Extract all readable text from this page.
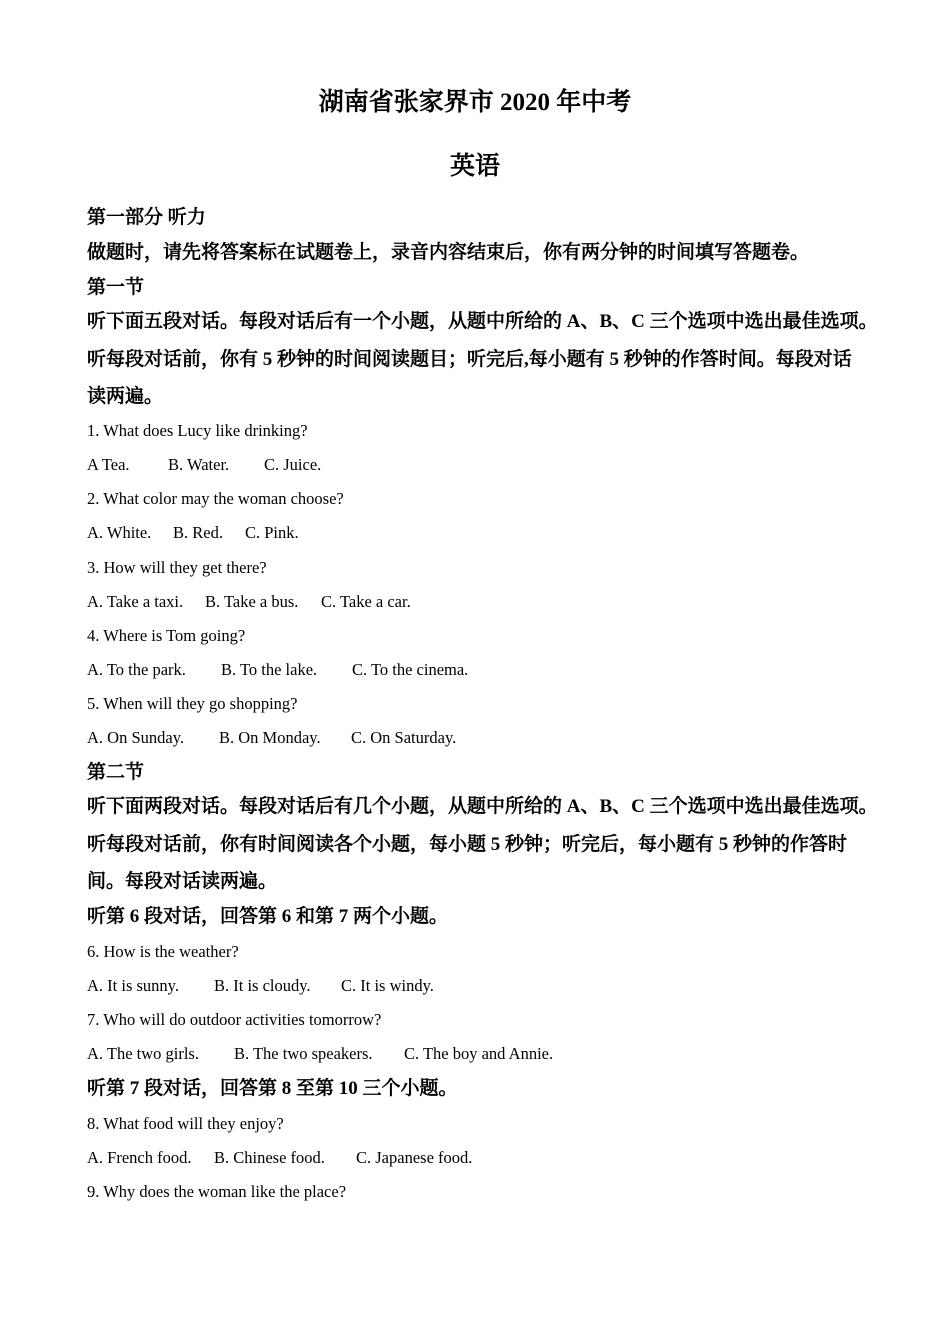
湖南省张家界市 2020 年中考
英语
第一部分 听力
做题时，请先将答案标在试题卷上，录音内容结束后，你有两分钟的时间填写答题卷。
第一节
听下面五段对话。每段对话后有一个小题，从题中所给的 A、B、C 三个选项中选出最佳选项。
听每段对话前，你有 5 秒钟的时间阅读题目；听完后,每小题有 5 秒钟的作答时间。每段对话
读两遍。
1. What does Lucy like drinking?
A Tea. B. Water. C. Juice.
2. What color may the woman choose?
A. White. B. Red. C. Pink.
3. How will they get there?
A. Take a taxi. B. Take a bus. C. Take a car.
4. Where is Tom going?
A. To the park. B. To the lake. C. To the cinema.
5. When will they go shopping?
A. On Sunday. B. On Monday. C. On Saturday.
第二节
听下面两段对话。每段对话后有几个小题，从题中所给的 A、B、C 三个选项中选出最佳选项。
听每段对话前，你有时间阅读各个小题，每小题 5 秒钟；听完后，每小题有 5 秒钟的作答时
间。每段对话读两遍。
听第 6 段对话，回答第 6 和第 7 两个小题。
6. How is the weather?
A. It is sunny. B. It is cloudy. C. It is windy.
7. Who will do outdoor activities tomorrow?
A. The two girls. B. The two speakers. C. The boy and Annie.
听第 7 段对话，回答第 8 至第 10 三个小题。
8. What food will they enjoy?
A. French food. B. Chinese food. C. Japanese food.
9. Why does the woman like the place?
